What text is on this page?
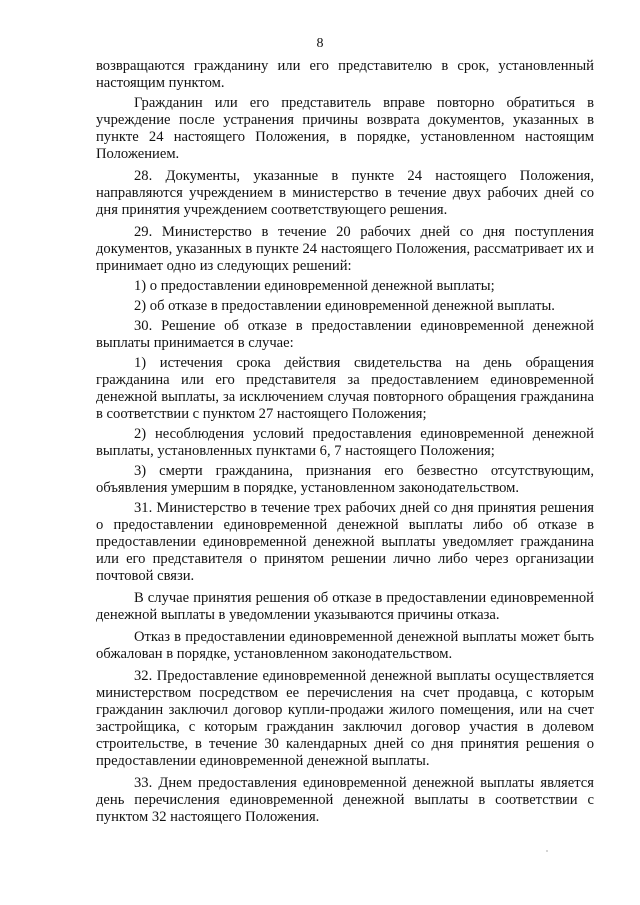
8

возвращаются гражданину или его представителю в срок, установленный настоящим пунктом.

Гражданин или его представитель вправе повторно обратиться в учреждение после устранения причины возврата документов, указанных в пункте 24 настоящего Положения, в порядке, установленном настоящим Положением.

28. Документы, указанные в пункте 24 настоящего Положения, направляются учреждением в министерство в течение двух рабочих дней со дня принятия учреждением соответствующего решения.

29. Министерство в течение 20 рабочих дней со дня поступления документов, указанных в пункте 24 настоящего Положения, рассматривает их и принимает одно из следующих решений:

1) о предоставлении единовременной денежной выплаты;

2) об отказе в предоставлении единовременной денежной выплаты.

30. Решение об отказе в предоставлении единовременной денежной выплаты принимается в случае:

1) истечения срока действия свидетельства на день обращения гражданина или его представителя за предоставлением единовременной денежной выплаты, за исключением случая повторного обращения гражданина в соответствии с пунктом 27 настоящего Положения;

2) несоблюдения условий предоставления единовременной денежной выплаты, установленных пунктами 6, 7 настоящего Положения;

3) смерти гражданина, признания его безвестно отсутствующим, объявления умершим в порядке, установленном законодательством.

31. Министерство в течение трех рабочих дней со дня принятия решения о предоставлении единовременной денежной выплаты либо об отказе в предоставлении единовременной денежной выплаты уведомляет гражданина или его представителя о принятом решении лично либо через организации почтовой связи.

В случае принятия решения об отказе в предоставлении единовременной денежной выплаты в уведомлении указываются причины отказа.

Отказ в предоставлении единовременной денежной выплаты может быть обжалован в порядке, установленном законодательством.

32. Предоставление единовременной денежной выплаты осуществляется министерством посредством ее перечисления на счет продавца, с которым гражданин заключил договор купли-продажи жилого помещения, или на счет застройщика, с которым гражданин заключил договор участия в долевом строительстве, в течение 30 календарных дней со дня принятия решения о предоставлении единовременной денежной выплаты.

33. Днем предоставления единовременной денежной выплаты является день перечисления единовременной денежной выплаты в соответствии с пунктом 32 настоящего Положения.
